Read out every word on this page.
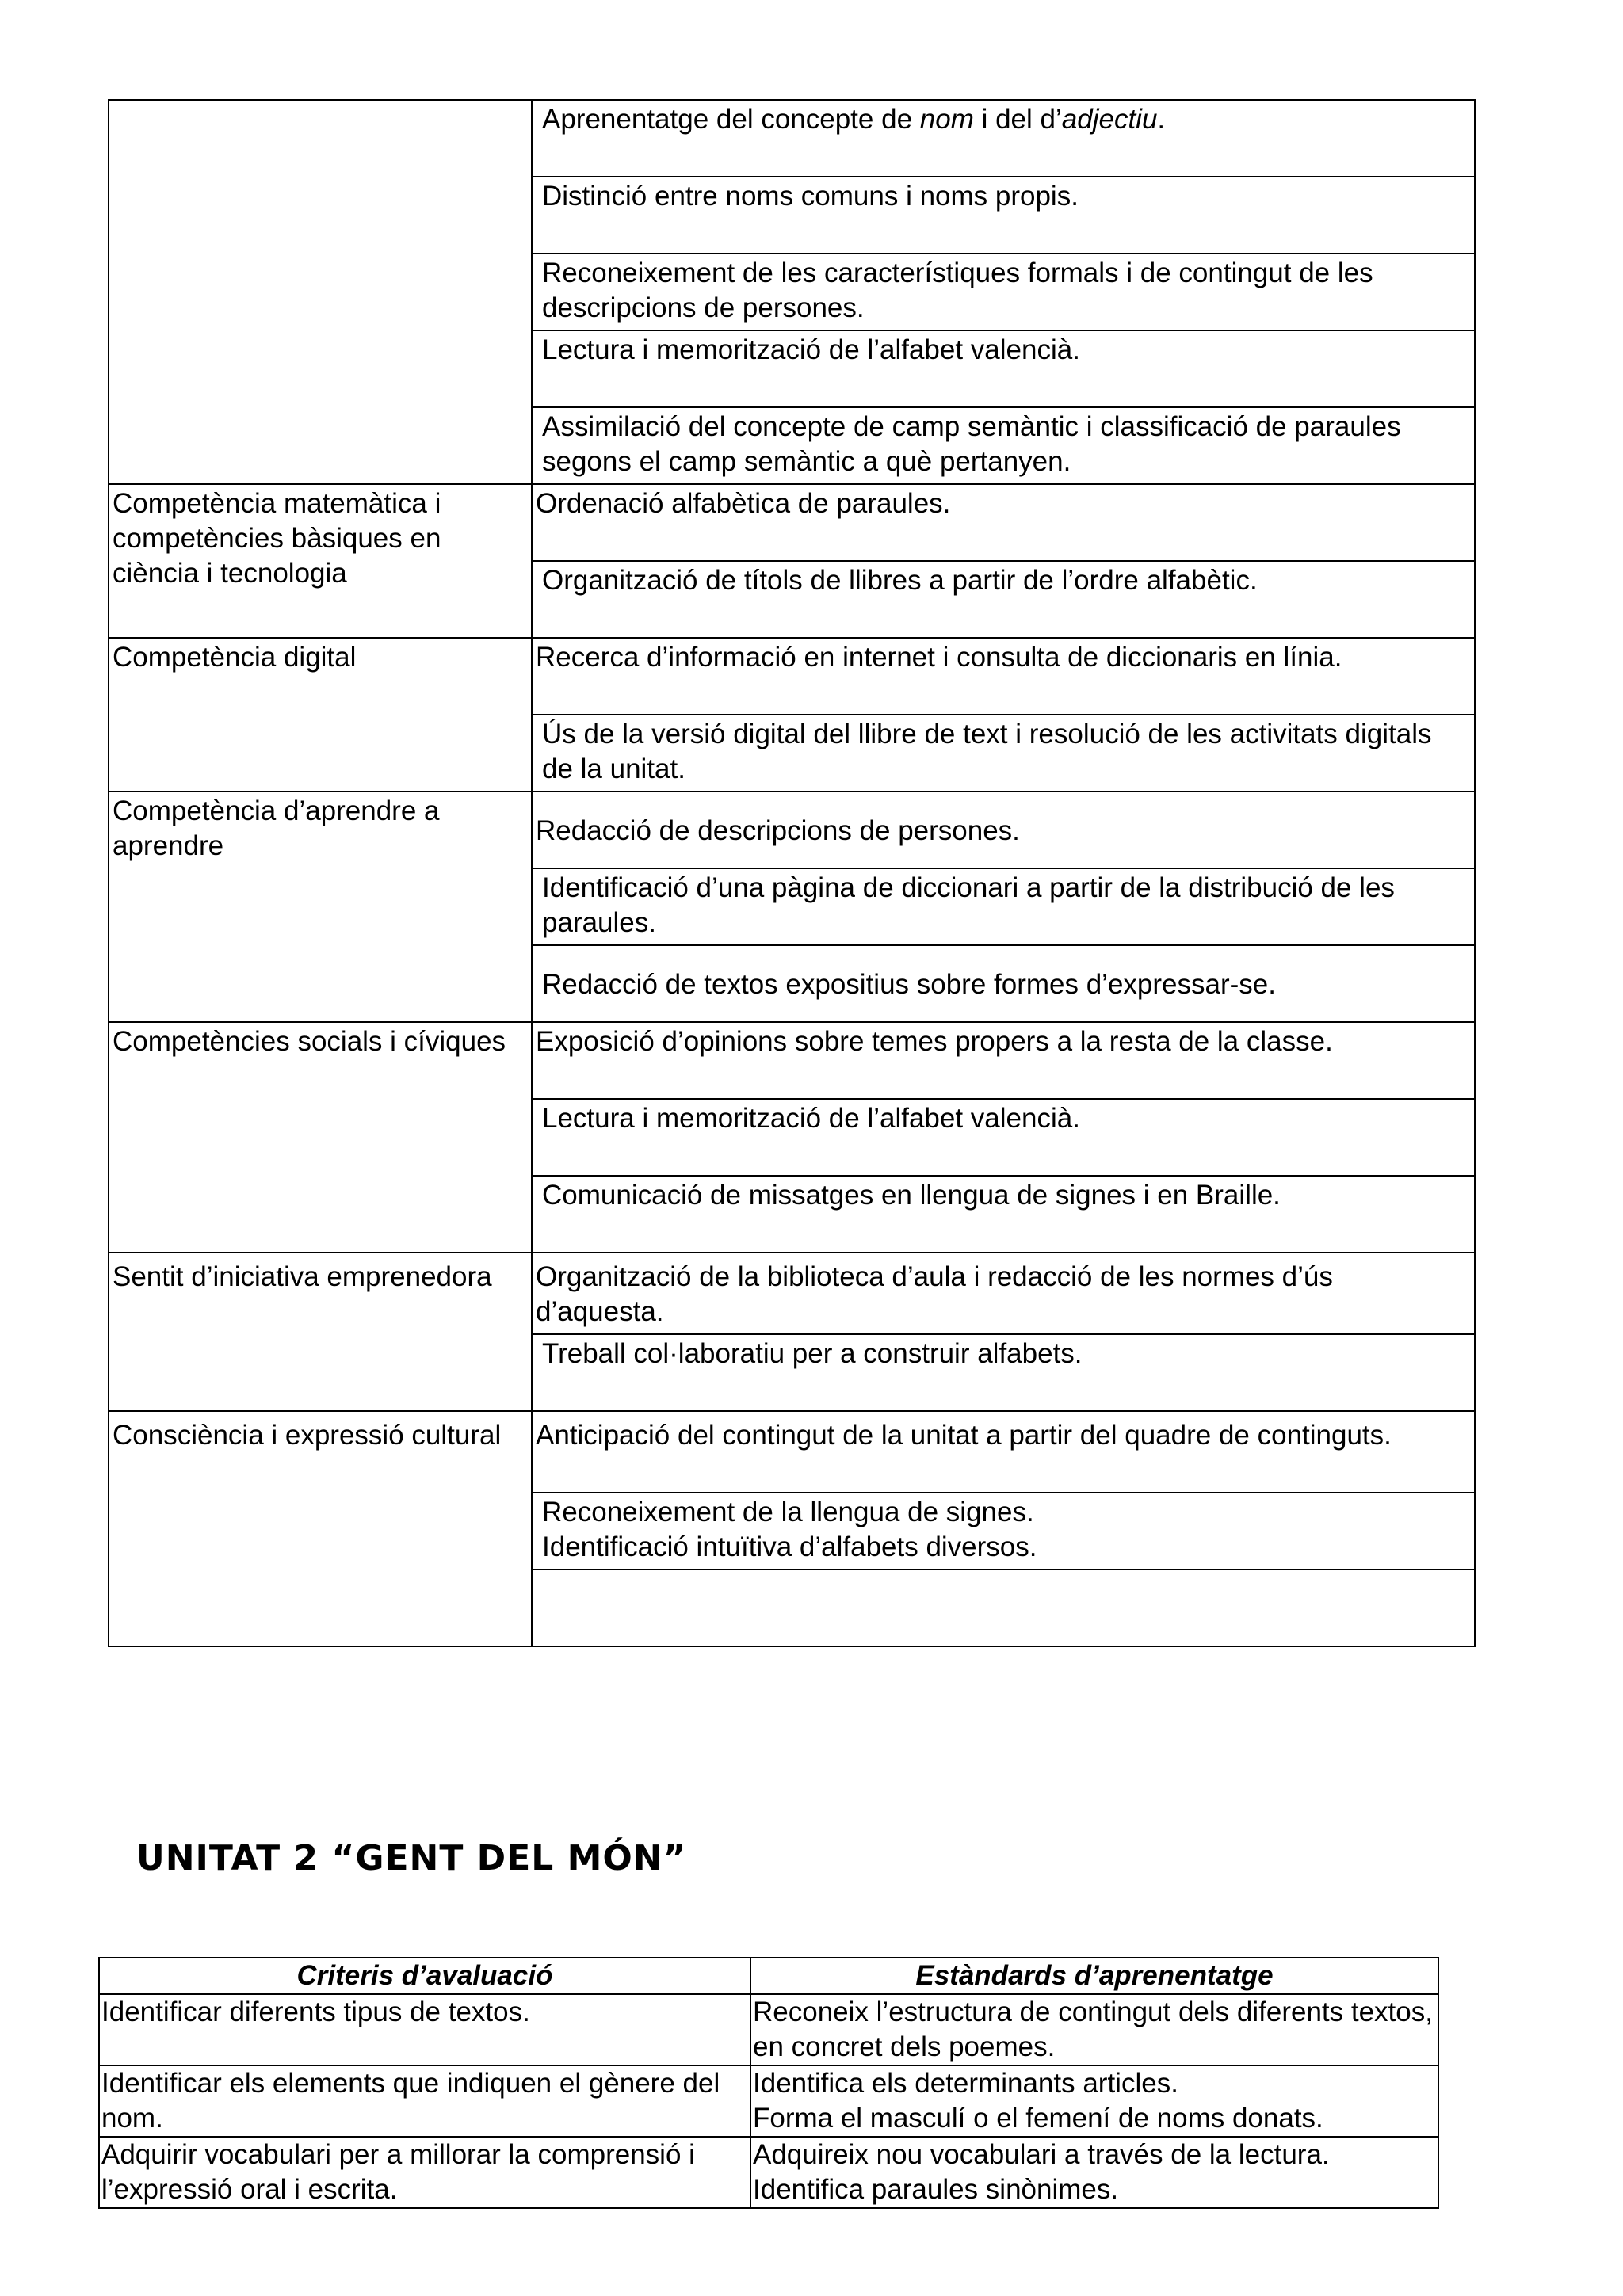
	Aprenentatge del concepte de nom i del d’adjectiu.
	Distinció entre noms comuns i noms propis.
	Reconeixement de les característiques formals i de contingut de les descripcions de persones.
	Lectura i memorització de l’alfabet valencià.
	Assimilació del concepte de camp semàntic i classificació de paraules segons el camp semàntic a què pertanyen.
Competència matemàtica i competències bàsiques en ciència i tecnologia	Ordenació alfabètica de paraules.
	Organització de títols de llibres a partir de l’ordre alfabètic.
Competència digital	Recerca d’informació en internet i consulta de diccionaris en línia.
	Ús de la versió digital del llibre de text i resolució de les activitats digitals de la unitat.
Competència d’aprendre a aprendre	Redacció de descripcions de persones.
	Identificació d’una pàgina de diccionari a partir de la distribució de les paraules.
	Redacció de textos expositius sobre formes d’expressar-se.
Competències socials i cíviques	Exposició d’opinions sobre temes propers a la resta de la classe.
	Lectura i memorització de l’alfabet valencià.
	Comunicació de missatges en llengua de signes i en Braille.
Sentit d’iniciativa emprenedora	Organització de la biblioteca d’aula i redacció de les normes d’ús d’aquesta.
	Treball col·laboratiu per a construir alfabets.
Consciència i expressió cultural	Anticipació del contingut de la unitat a partir del quadre de continguts.

	Reconeixement de la llengua de signes.
Identificació intuïtiva d’alfabets diversos.

UNITAT 2 “GENT DEL MÓN”
Criteris d’avaluació	Estàndards d’aprenentatge
Identificar diferents tipus de textos.	Reconeix l’estructura de contingut dels diferents textos, en concret dels poemes.

Identificar els elements que indiquen el gènere del nom.	Identifica els determinants articles.
Forma el masculí o el femení de noms donats.

Adquirir vocabulari per a millorar la comprensió i l’expressió oral i escrita.	Adquireix nou vocabulari a través de la lectura.
Identifica paraules sinònimes.
